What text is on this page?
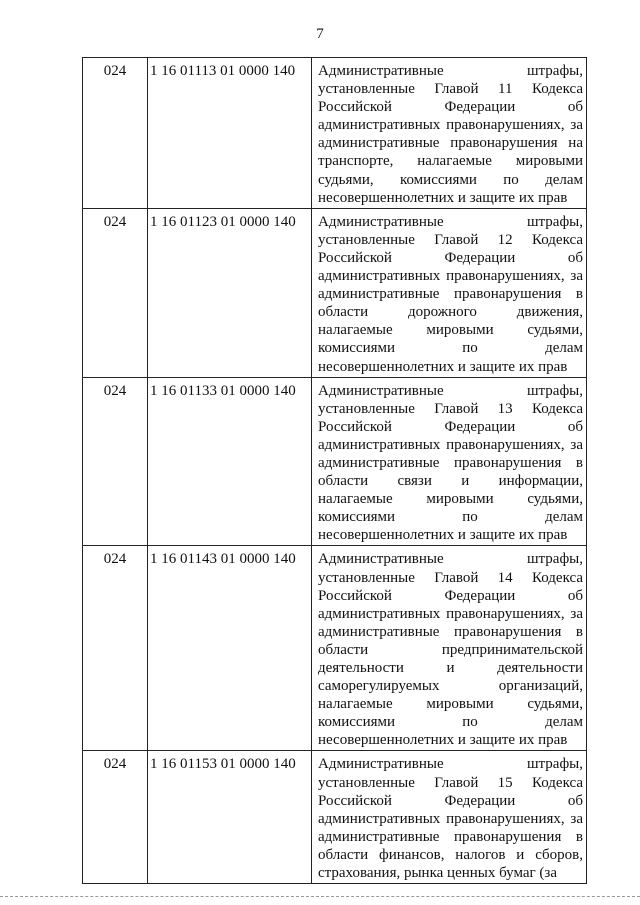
7
024	1 16 01113 01 0000 140	Административные штрафы, установленные Главой 11 Кодекса Российской Федерации об административных правонарушениях, за административные правонарушения на транспорте, налагаемые мировыми судьями, комиссиями по делам несовершеннолетних и защите их прав
024	1 16 01123 01 0000 140	Административные штрафы, установленные Главой 12 Кодекса Российской Федерации об административных правонарушениях, за административные правонарушения в области дорожного движения, налагаемые мировыми судьями, комиссиями по делам несовершеннолетних и защите их прав
024	1 16 01133 01 0000 140	Административные штрафы, установленные Главой 13 Кодекса Российской Федерации об административных правонарушениях, за административные правонарушения в области связи и информации, налагаемые мировыми судьями, комиссиями по делам несовершеннолетних и защите их прав
024	1 16 01143 01 0000 140	Административные штрафы, установленные Главой 14 Кодекса Российской Федерации об административных правонарушениях, за административные правонарушения в области предпринимательской деятельности и деятельности саморегулируемых организаций, налагаемые мировыми судьями, комиссиями по делам несовершеннолетних и защите их прав
024	1 16 01153 01 0000 140	Административные штрафы, установленные Главой 15 Кодекса Российской Федерации об административных правонарушениях, за административные правонарушения в области финансов, налогов и сборов, страхования, рынка ценных бумаг (за
